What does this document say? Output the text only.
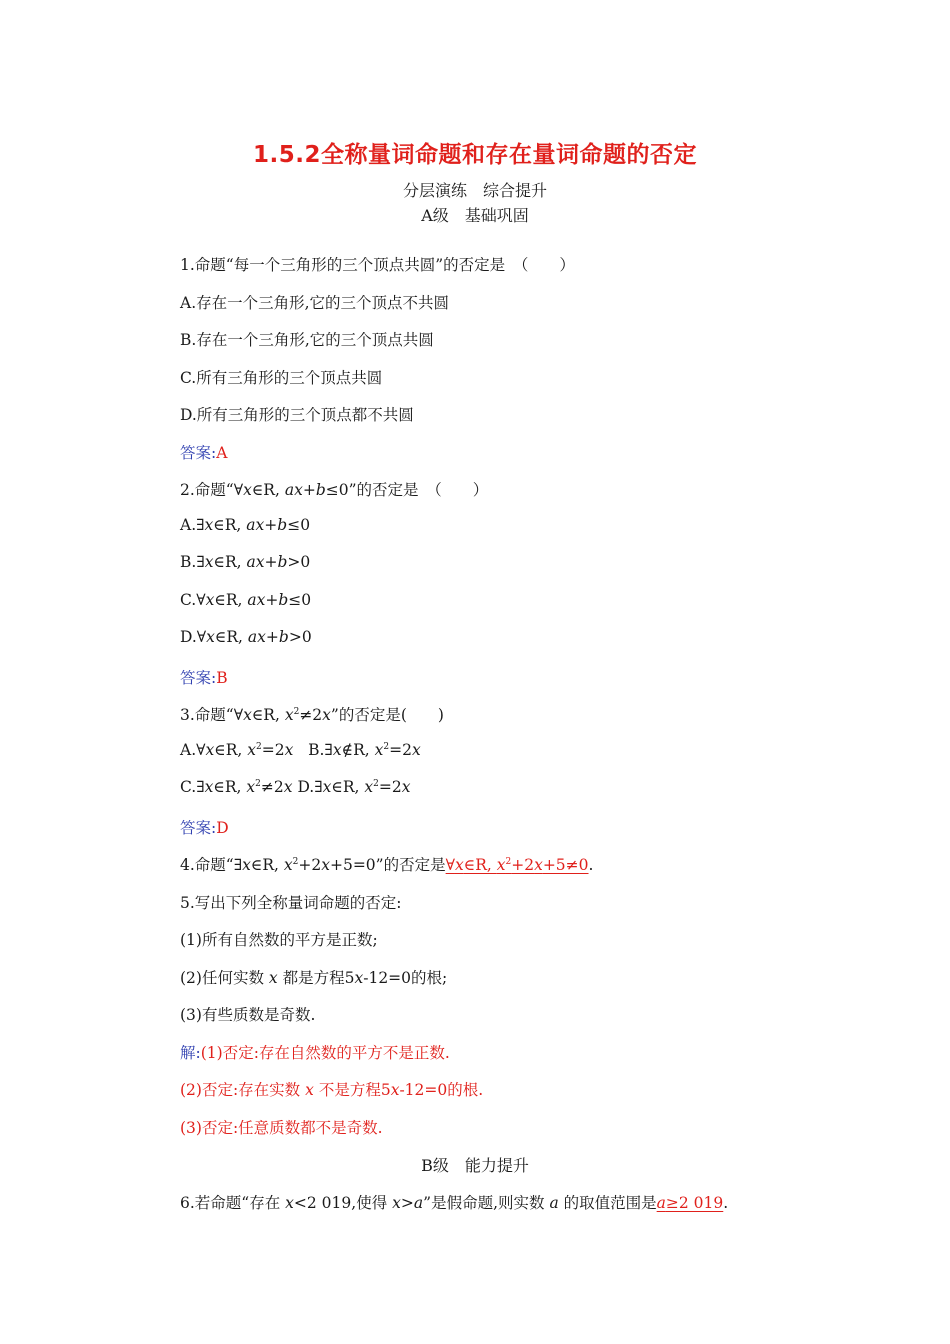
1.5.2全称量词命题和存在量词命题的否定
分层演练　综合提升
A级　基础巩固
1.命题“每一个三角形的三个顶点共圆”的否定是　（　　）
A.存在一个三角形,它的三个顶点不共圆
B.存在一个三角形,它的三个顶点共圆
C.所有三角形的三个顶点共圆
D.所有三角形的三个顶点都不共圆
答案:A
2.命题“∀x∈R, ax+b≤0”的否定是　（　　）
A.∃x∈R, ax+b≤0
B.∃x∈R, ax+b>0
C.∀x∈R, ax+b≤0
D.∀x∈R, ax+b>0
答案:B
3.命题“∀x∈R, $x^2\ne 2x$”的否定是(　　)
A.∀x∈R, $x^2=2x$ B.∃x∉R, $x^2=2x$
C.∃x∈R, $x^2\ne 2x$ D.∃x∈R, $x^2=2x$
答案:D
4.命题“∃x∈R, $x^2+2x+5=0$”的否定是∀x∈R, $x^2+2x+5\ne 0$.
5.写出下列全称量词命题的否定:
(1)所有自然数的平方是正数;
(2)任何实数 x 都是方程5x-12=0的根;
(3)有些质数是奇数.
解:(1)否定:存在自然数的平方不是正数.
(2)否定:存在实数 x 不是方程5x-12=0的根.
(3)否定:任意质数都不是奇数.
B级　能力提升
6.若命题“存在 x<2 019,使得 x>a”是假命题,则实数 a 的取值范围是a≥2 019.
